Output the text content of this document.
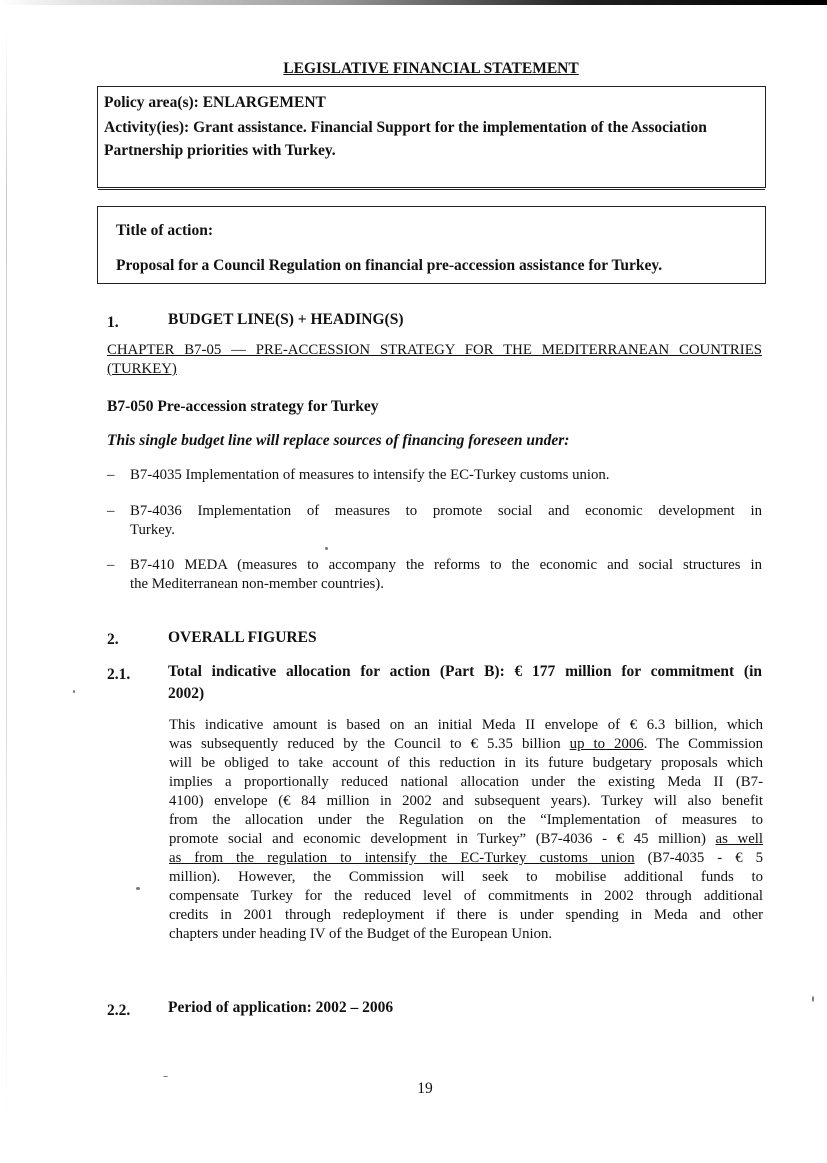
LEGISLATIVE FINANCIAL STATEMENT
Policy area(s): ENLARGEMENT
Activity(ies): Grant assistance. Financial Support for the implementation of the Association
Partnership priorities with Turkey.
Title of action:
Proposal for a Council Regulation on financial pre-accession assistance for Turkey.
1.	BUDGET LINE(S) + HEADING(S)
CHAPTER B7-05 — PRE-ACCESSION STRATEGY FOR THE MEDITERRANEAN COUNTRIES
(TURKEY)
B7-050 Pre-accession strategy for Turkey
This single budget line will replace sources of financing foreseen under:
– B7-4035 Implementation of measures to intensify the EC-Turkey customs union.
– B7-4036 Implementation of measures to promote social and economic development in
Turkey.
– B7-410 MEDA (measures to accompany the reforms to the economic and social structures in
the Mediterranean non-member countries).
2.	OVERALL FIGURES
2.1. Total indicative allocation for action (Part B): € 177 million for commitment (in
2002)
This indicative amount is based on an initial Meda II envelope of € 6.3 billion, which
was subsequently reduced by the Council to € 5.35 billion up to 2006. The Commission
will be obliged to take account of this reduction in its future budgetary proposals which
implies a proportionally reduced national allocation under the existing Meda II (B7-
4100) envelope (€ 84 million in 2002 and subsequent years). Turkey will also benefit
from the allocation under the Regulation on the “Implementation of measures to
promote social and economic development in Turkey” (B7-4036 - € 45 million) as well
as from the regulation to intensify the EC-Turkey customs union (B7-4035 - € 5
million). However, the Commission will seek to mobilise additional funds to
compensate Turkey for the reduced level of commitments in 2002 through additional
credits in 2001 through redeployment if there is under spending in Meda and other
chapters under heading IV of the Budget of the European Union.
2.2. Period of application: 2002 – 2006
19
